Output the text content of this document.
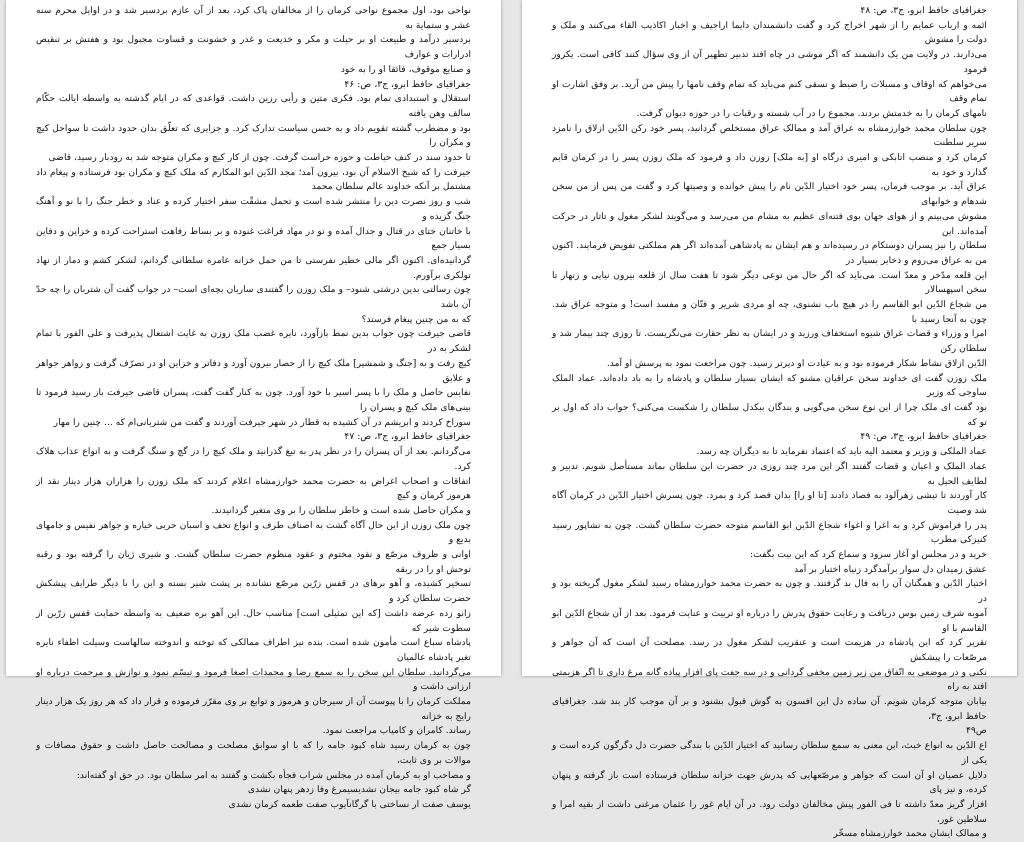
نواحی بود، اول مجموع نواحی کرمان را از مخالفان پاک کرد، بعد از آن عازم بردسیر شد و در اوایل محرم سنه عشر و ستمایة به
بردسیر درآمد و طبیعت او بر حیلت و مکر و خدیعت و غدر و خشونت و قساوت مجبول بود و هفتش بر تنقیص ادرارات و عوارف
و صنایع موقوف، فائقا او را به خود
جغرافیای حافظ ابرو، ج۳، ص: ۴۶
استقلال و استبدادی تمام بود. فکری متین و رأیی رزین داشت. قواعدی که در ایام گذشته به واسطه ایالت حکّام سالف وهن یافته
بود و مضطرب گشته تقویم داد و به حسن سیاست تدارک کرد. و جزایری که تعلّق بدان حدود داشت تا سواحل کیچ و مکران را
تا حدود سند در کنف حیاطت و حوزه حراست گرفت. چون از کار کیچ و مکران متوجه شد به رودبار رسید، قاضی
جیرفت را که شیخ الاسلام آن بود، بیرون آمد؛ مجد الدّین ابو المکارم که ملک کیچ و مکران بود فرستاده و پیغام داد مشتمل بر آنکه خداوند عالم سلطان محمد
شب و روز نصرت دین را منتشر شده است و تحمل مشقّت سفر اختیار کرده و عناد و خطر جنگ را با نو و آهنگ جنگ گزیده و
با خاتنان ختای در قتال و جدال آمده و تو در مهاد فراغت غنوده و بر بساط رفاهت استراحت کرده و خزاین و دفاین بسیار جمع
گردانیده‌ای. اکنون اگر مالی خطیر نفرستی تا من حمل خزانه عامره سلطانی گردانم، لشکر کشم و دمار از نهاد تولکری برآورم.
چون رسالتی بدین درشتی شنود– و ملک زوزن را گفتندی ساربان بچه‌ای است– در جواب گفت آن شتربان را چه حدّ آن باشد
که به من چنین پیغام فرستد؟
قاضی جیرفت چون جواب بدین نمط بازآورد، نایره غضب ملک زوزن به غایت اشتعال پذیرفت و علی الفور با تمام لشکر به در
کیچ رفت و به [جنگ و شمشیر] ملک کیچ را از حصار بیرون آورد و دفاتر و خزاین او در تصرّف گرفت و زواهر جواهر و علایق
نفایس حاصل و ملک را با پسر اسیر با خود آورد. چون به کنار گفت گفت، پسران قاضی جیرفت باز رسید فرمود تا بینی‌های ملک کیچ و پسران را
سوراخ کردند و ابریشم در آن کشیده به قطار در شهر جیرفت آوردند و گفت من شتربانی‌ام که ... چنین را مهار
جغرافیای حافظ ابرو، ج۳، ص: ۴۷
می‌گردانم. بعد از آن پسران را در نظر پدر به تیغ گذرانید و ملک کیچ را در گچ و سنگ گرفت و به انواع عذاب هلاک کرد.
اتفاقات و اصحاب اغراض به حضرت محمد خوارزمشاه اعلام کردند که ملک زوزن را هزاران هزار دینار نقد از هرموز کرمان و کیچ
و مکران حاصل شده است و خاطر سلطان را بر وی متغیر گردانیدند.
چون ملک زوزن از این حال آگاه گشت به اصناف طرف و انواع تحف و اسبان حربی خیاره و جواهر نفیس و جامهای بدیع و
اوانی و ظروف مرصّع و نقود مختوم و عقود منظوم حضرت سلطان گشت. و شیری ژیان را گرفته بود و رقبه توحش او را در ربقه
تسخیر کشیده، و آهو برهای در قفس زرّین مرصّع نشانده بر پشت شیر بسته و این را با دیگر طرایف پیشکش حضرت سلطان کرد و
زانو زده عرضه داشت [که این تمثیلی است] مناسب حال. این آهو بره ضعیف به واسطه حمایت قفس زرّین از سطوت شیر که
پادشاه سباع است مأمون شده است. بنده نیز اطراف ممالکی که توخته و اندوخته سالهاست وسیلت اطفاء نایره تغیر پادشاه عالمیان
می‌گردانید. سلطان این سخن را به سمع رضا و محمدات اصغا فرمود و تبسّم نمود و نوازش و مرحمت درباره او ارزانی داشت و
مملکت کرمان را با پیوست آن از سیرجان و هرموز و توابع بر وی مقرّر فرموده و قرار داد که هر روز یک هزار دینار رایج به خزانه
رساند. کامران و کامیاب مراجعت نمود.
چون به کرمان رسید شاه کبود جامه را که با او سوابق مصلحت و مصالحت حاصل داشت و حقوق مصافات و موالات بر وی ثابت،
و مصاحب او به کرمان آمده در مجلس شراب فجأه بکشت و گفتند به امر سلطان بود. در حق او گفته‌اند:
گر شاه کبود جامه بیجان نشدیسیمرغ وفا زدهر پنهان نشدی
یوسف صفت ار نساختی با گرگانآیوب صفت طعمه کرمان نشدی
جغرافیای حافظ ابرو، ج۳، ص: ۴۸
ائمه و ارباب عمایم را از شهر اخراج کرد و گفت دانشمندان دایما اراجیف و اخبار اکاذیب القاء می‌کنند و ملک و دولت را مشوش
می‌دارند. در ولایت من یک دانشمند که اگر موشی در چاه افتد تدبیر تطهیر آن از وی سؤال کنند کافی است. یکروز فرمود
می‌خواهم که اوقاف و مسبلات را ضبط و نسقی کنم می‌باید که تمام وقف نامها را پیش من آرید. بر وفق اشارت او تمام وقف
نامهای کرمان را به خدمتش بردند. مجموع را در آب شسته و رقبات را در حوزه دیوان گرفت.
چون سلطان محمد خوارزمشاه به عراق آمد و ممالک عراق مستخلص گردانید، پسر خود رکن الدّین ازلاق را نامزد سریر سلطنت
کرمان کرد و منصب اتابکی و امیری درگاه او [به ملک] زوزن داد و فرمود که ملک زوزن پسر را در کرمان قایم گذارد و خود به
عراق آید. بر موجب فرمان، پسر خود اختیار الدّین نام را پیش خوانده و وصیتها کرد و گفت من پس از من سخن شدهام و خوابهای
مشوش می‌بینم و از هوای جهان بوی فتنه‌ای عظیم به مشام من می‌رسد و می‌گویند لشکر مغول و تاتار در حرکت آمده‌اند. این
سلطان را نیز پسران دوستکام در رسیده‌اند و هم ایشان به پادشاهی آمده‌اند اگر هم مملکتی تفویض فرمایند. اکنون من به عراق می‌روم و ذخایر بسیار در
این قلعه مدّخر و معدّ است. می‌باید که اگر حال من نوعی دیگر شود تا هفت سال از قلعه بیرون نیایی و زنهار تا سخن اسپهسالار
من شجاع الدّین ابو القاسم را در هیچ باب نشنوی، چه او مردی شریر و فتّان و مفسد است! و متوجه عراق شد. چون به آنجا رسید با
امرا و وزراء و قضات عراق شیوه استخفاف ورزید و در ایشان به نظر حقارت می‌نگریست. تا روزی چند بیمار شد و سلطان رکن
الدّین ازلاق نشاط شکار فرموده بود و به عیادت او دیرتر رسید. چون مراجعت نمود به پرسش او آمد.
ملک زوزن گفت ای خداوند سخن عراقیان مشنو که ایشان بسیار سلطان و پادشاه را به باد داده‌اند. عماد الملک ساوجی که وزیر
بود گفت ای ملک چرا از این نوع سخن می‌گویی و بندگان بیکدل سلطان را شکست می‌کنی؟ جواب داد که اول بر تو که
جغرافیای حافظ ابرو، ج۳، ص: ۴۹
عماد الملکی و وزیر و معتمد الیه باید که اعتماد نفرماید تا به دیگران چه رسد.
عماد الملک و اعیان و قضات گفتند اگر این مرد چند روزی در حضرت این سلطان بماند مستأصل شویم. تدبیر و لطایف الحیل به
کار آوردند تا تیشی زهرآلود به فصاد دادند [تا او را] بدان فصد کرد و بمرد. چون پسرش اختیار الدّین در کرمان آگاه شد وصیت
پدر را فراموش کرد و به اغرا و اغواء شجاع الدّین ابو القاسم متوجه حضرت سلطان گشت. چون به نشاپور رسید کنیزکی مطرب
خرید و در مجلس او آغاز سرود و سماع کرد که این بیت بگفت:
عشق زمیدان دل سوار برآمدگرد زنیاه اختیار بر آمد
اختیار الدّین و همگنان آن را به فال بد گرفتند. و چون به حضرت محمد خوارزمشاه رسید لشکر مغول گریخته بود و در
آموبه شرف زمین بوس دریافت و رعایت حقوق پدرش را درباره او تربیت و عنایت فرمود. بعد از آن شجاع الدّین ابو القاسم با او
تقریر کرد که این پادشاه در هزیمت است و عنقریب لشکر مغول در رسد. مصلحت آن است که آن جواهر و مرصّعات را پیشکش
نکنی و در موضعی به اتّفاق من زیر زمین مخفی گردانی و در سه جفت پای افزار پیاده گانه مرغ داری تا اگر هزیمتی افتد به راه
بیابان متوجه کرمان شویم. آن ساده دل این افسون به گوش قبول بشنود و بر آن موجب کار بند شد. جغرافیای حافظ ابرو، ج۳،
ص۴۹
اع الدّین به انواع خبث، این معنی به سمع سلطان رسانید که اختیار الدّین با بندگی حضرت دل دگرگون کرده است و یکی از
دلایل عصیان او آن است که جواهر و مرصّعهایی که پدرش جهت خزانه سلطان فرستاده است باز گرفته و پنهان کرده، و نیز پای
افزار گریز معدّ داشته تا فی الفور پیش مخالفان دولت رود. در آن ایام غور را عثمان مرغنی داشت از بقیه امرا و سلاطین غور،
و ممالک ایشان محمد خوارزمشاه مسخّر
